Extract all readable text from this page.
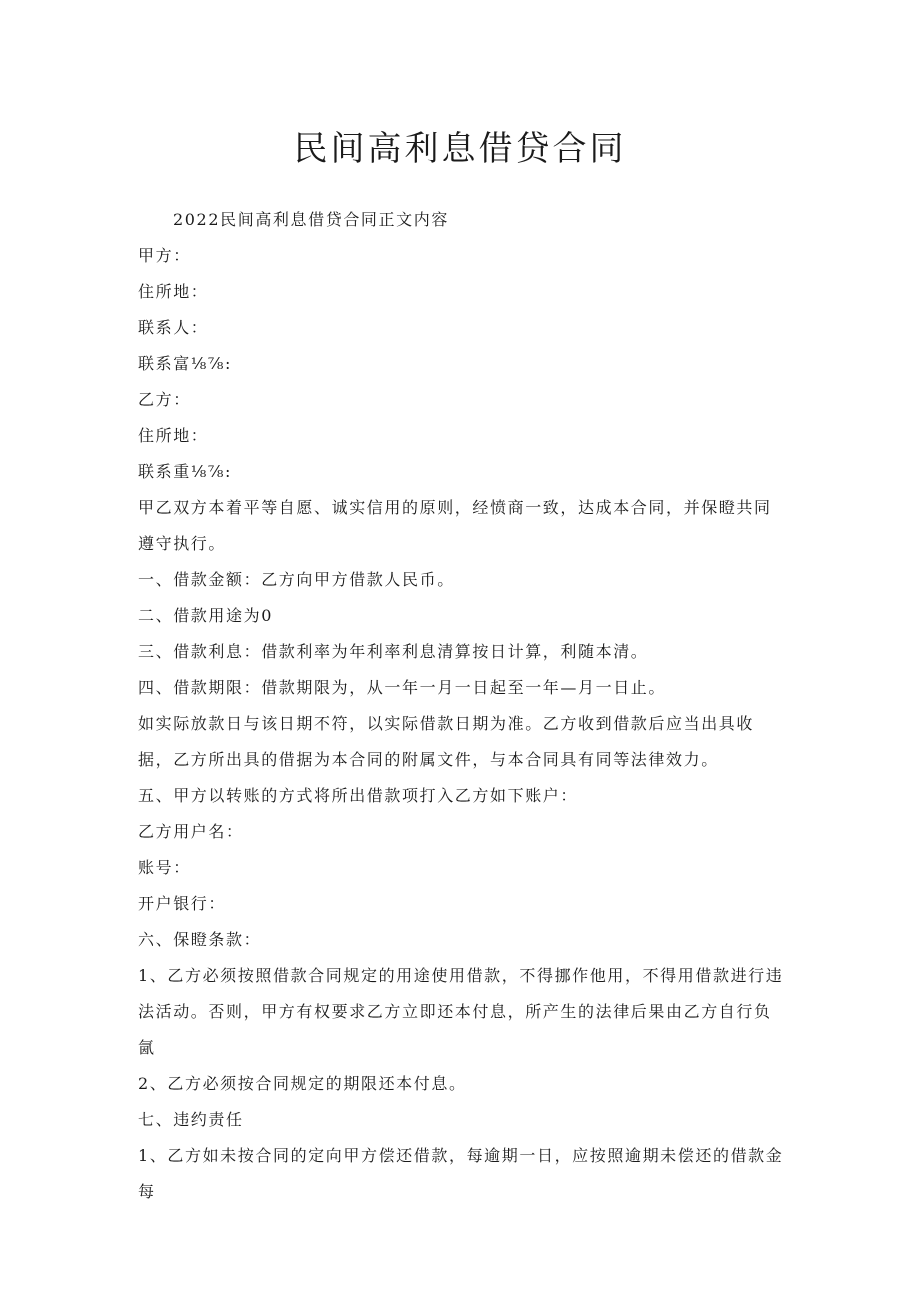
民间高利息借贷合同

2022民间高利息借贷合同正文内容

甲方：

住所地：

联系人：

联系富⅛⅞:

乙方：

住所地：

联系重⅛⅞:

甲乙双方本着平等自愿、诚实信用的原则，经愤商一致，达成本合同，并保瞪共同遵守执行。

一、借款金额：乙方向甲方借款人民币。

二、借款用途为0

三、借款利息：借款利率为年利率利息清算按日计算，利随本清。

四、借款期限：借款期限为，从一年一月一日起至一年—月一日止。

如实际放款日与该日期不符，以实际借款日期为准。乙方收到借款后应当出具收据，乙方所出具的借据为本合同的附属文件，与本合同具有同等法律效力。

五、甲方以转账的方式将所出借款项打入乙方如下账户：

乙方用户名：

账号：

开户银行：

六、保瞪条款：

1、乙方必须按照借款合同规定的用途使用借款，不得挪作他用，不得用借款进行违法活动。否则，甲方有权要求乙方立即还本付息，所产生的法律后果由乙方自行负氤

2、乙方必须按合同规定的期限还本付息。

七、违约责任

1、乙方如未按合同的定向甲方偿还借款，每逾期一日，应按照逾期未偿还的借款金每
